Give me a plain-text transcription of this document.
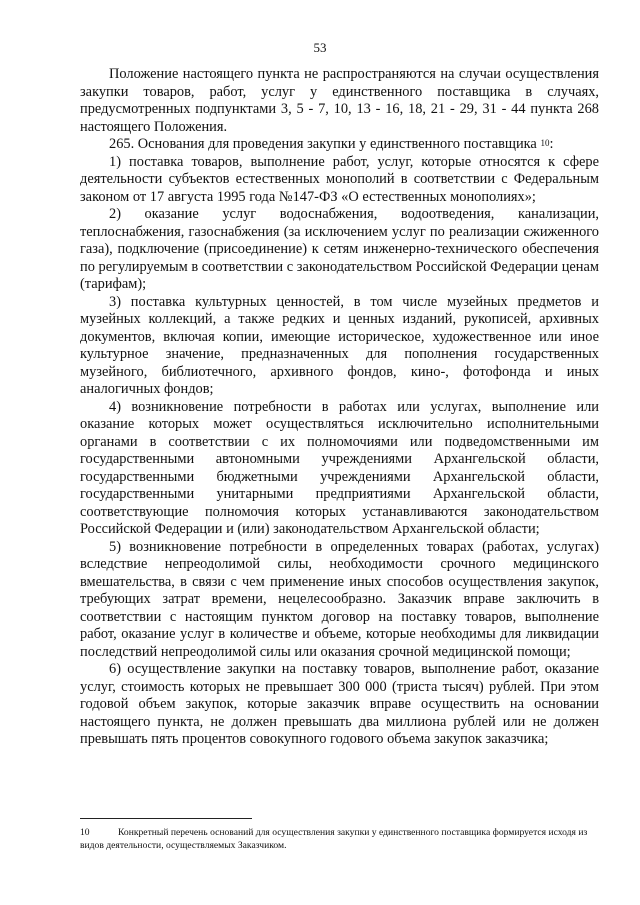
53

Положение настоящего пункта не распространяются на случаи осуществления закупки товаров, работ, услуг у единственного поставщика в случаях, предусмотренных подпунктами 3, 5 - 7, 10, 13 - 16, 18, 21 - 29, 31 - 44 пункта 268 настоящего Положения.

265. Основания для проведения закупки у единственного поставщика $^{10}$:

1) поставка товаров, выполнение работ, услуг, которые относятся к сфере деятельности субъектов естественных монополий в соответствии с Федеральным законом от 17 августа 1995 года №147-ФЗ «О естественных монополиях»;

2) оказание услуг водоснабжения, водоотведения, канализации, теплоснабжения, газоснабжения (за исключением услуг по реализации сжиженного газа), подключение (присоединение) к сетям инженерно-технического обеспечения по регулируемым в соответствии с законодательством Российской Федерации ценам (тарифам);

3) поставка культурных ценностей, в том числе музейных предметов и музейных коллекций, а также редких и ценных изданий, рукописей, архивных документов, включая копии, имеющие историческое, художественное или иное культурное значение, предназначенных для пополнения государственных музейного, библиотечного, архивного фондов, кино-, фотофонда и иных аналогичных фондов;

4) возникновение потребности в работах или услугах, выполнение или оказание которых может осуществляться исключительно исполнительными органами в соответствии с их полномочиями или подведомственными им государственными автономными учреждениями Архангельской области, государственными бюджетными учреждениями Архангельской области, государственными унитарными предприятиями Архангельской области, соответствующие полномочия которых устанавливаются законодательством Российской Федерации и (или) законодательством Архангельской области;

5) возникновение потребности в определенных товарах (работах, услугах) вследствие непреодолимой силы, необходимости срочного медицинского вмешательства, в связи с чем применение иных способов осуществления закупок, требующих затрат времени, нецелесообразно. Заказчик вправе заключить в соответствии с настоящим пунктом договор на поставку товаров, выполнение работ, оказание услуг в количестве и объеме, которые необходимы для ликвидации последствий непреодолимой силы или оказания срочной медицинской помощи;

6) осуществление закупки на поставку товаров, выполнение работ, оказание услуг, стоимость которых не превышает 300 000 (триста тысяч) рублей. При этом годовой объем закупок, которые заказчик вправе осуществить на основании настоящего пункта, не должен превышать два миллиона рублей или не должен превышать пять процентов совокупного годового объема закупок заказчика;

10	Конкретный перечень оснований для осуществления закупки у единственного поставщика формируется исходя из видов деятельности, осуществляемых Заказчиком.
